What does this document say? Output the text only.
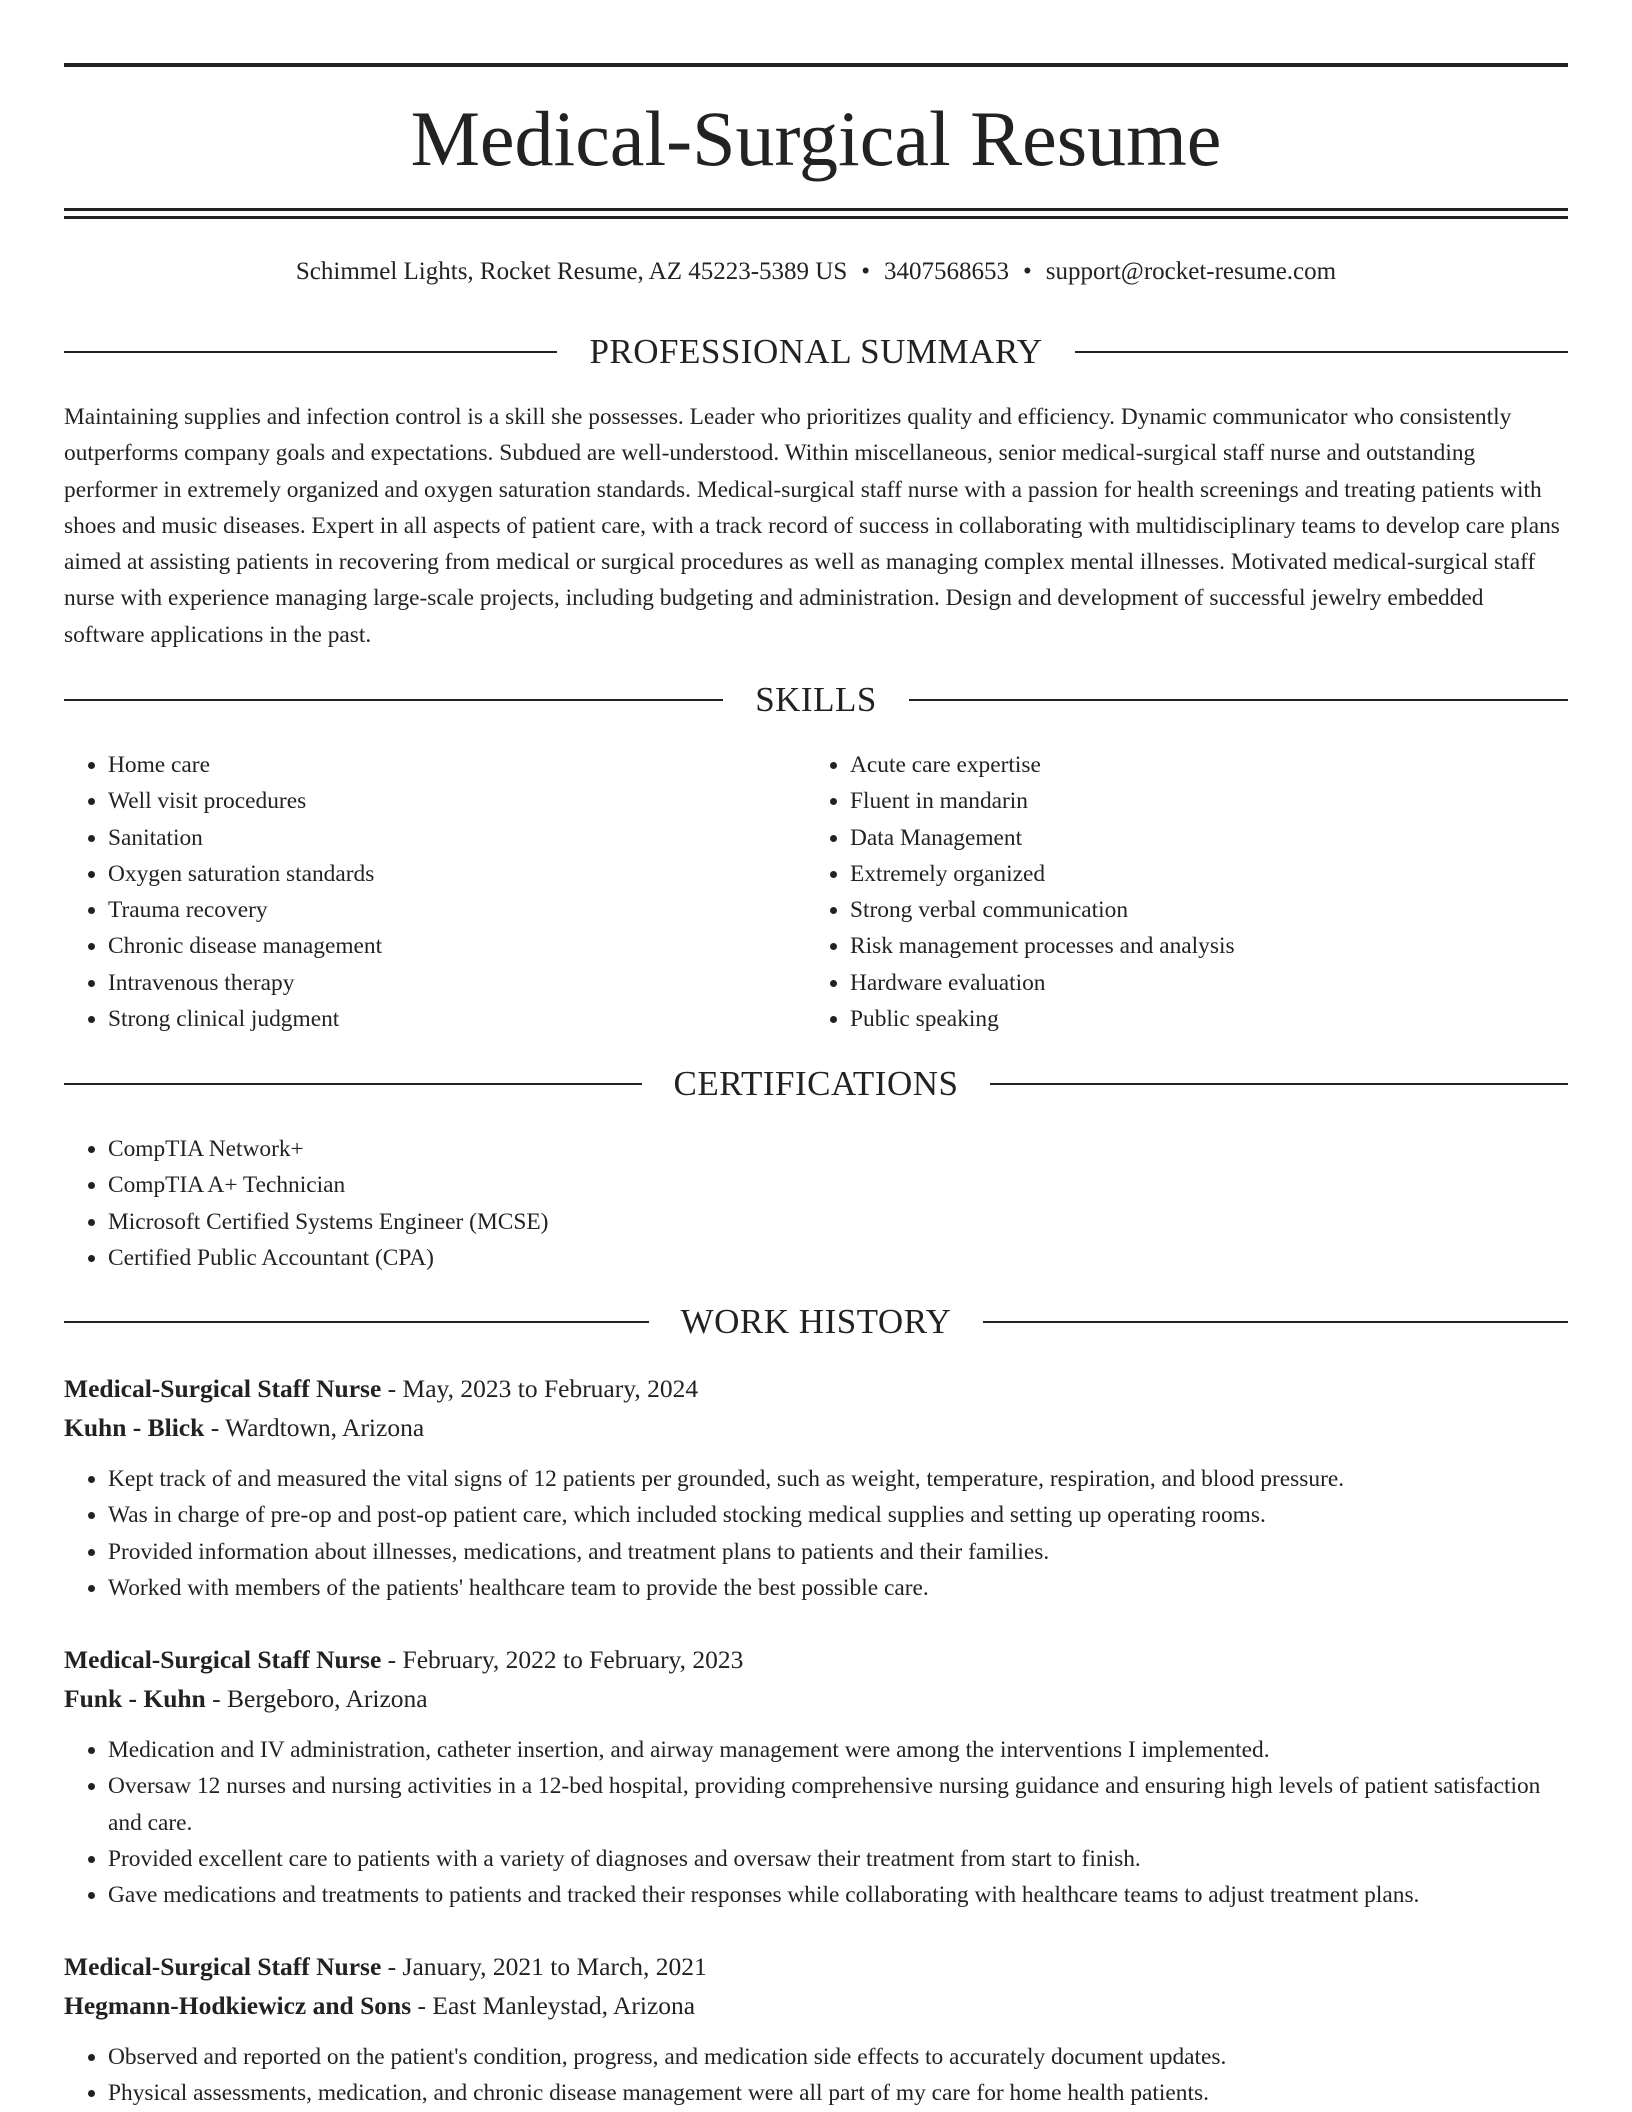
Medical-Surgical Resume
Schimmel Lights, Rocket Resume, AZ 45223-5389 US • 3407568653 • support@rocket-resume.com
PROFESSIONAL SUMMARY

Maintaining supplies and infection control is a skill she possesses. Leader who prioritizes quality and efficiency. Dynamic communicator who consistently outperforms company goals and expectations. Subdued are well-understood. Within miscellaneous, senior medical-surgical staff nurse and outstanding performer in extremely organized and oxygen saturation standards. Medical-surgical staff nurse with a passion for health screenings and treating patients with shoes and music diseases. Expert in all aspects of patient care, with a track record of success in collaborating with multidisciplinary teams to develop care plans aimed at assisting patients in recovering from medical or surgical procedures as well as managing complex mental illnesses. Motivated medical-surgical staff nurse with experience managing large-scale projects, including budgeting and administration. Design and development of successful jewelry embedded software applications in the past.

SKILLS
• Home care
• Well visit procedures
• Sanitation
• Oxygen saturation standards
• Trauma recovery
• Chronic disease management
• Intravenous therapy
• Strong clinical judgment
• Acute care expertise
• Fluent in mandarin
• Data Management
• Extremely organized
• Strong verbal communication
• Risk management processes and analysis
• Hardware evaluation
• Public speaking
CERTIFICATIONS
• CompTIA Network+
• CompTIA A+ Technician
• Microsoft Certified Systems Engineer (MCSE)
• Certified Public Accountant (CPA)
WORK HISTORY
Medical-Surgical Staff Nurse - May, 2023 to February, 2024
Kuhn - Blick - Wardtown, Arizona
• Kept track of and measured the vital signs of 12 patients per grounded, such as weight, temperature, respiration, and blood pressure.
• Was in charge of pre-op and post-op patient care, which included stocking medical supplies and setting up operating rooms.
• Provided information about illnesses, medications, and treatment plans to patients and their families.
• Worked with members of the patients' healthcare team to provide the best possible care.
Medical-Surgical Staff Nurse - February, 2022 to February, 2023
Funk - Kuhn - Bergeboro, Arizona
• Medication and IV administration, catheter insertion, and airway management were among the interventions I implemented.
• Oversaw 12 nurses and nursing activities in a 12-bed hospital, providing comprehensive nursing guidance and ensuring high levels of patient satisfaction and care.
• Provided excellent care to patients with a variety of diagnoses and oversaw their treatment from start to finish.
• Gave medications and treatments to patients and tracked their responses while collaborating with healthcare teams to adjust treatment plans.
Medical-Surgical Staff Nurse - January, 2021 to March, 2021
Hegmann-Hodkiewicz and Sons - East Manleystad, Arizona
• Observed and reported on the patient's condition, progress, and medication side effects to accurately document updates.
• Physical assessments, medication, and chronic disease management were all part of my care for home health patients.
